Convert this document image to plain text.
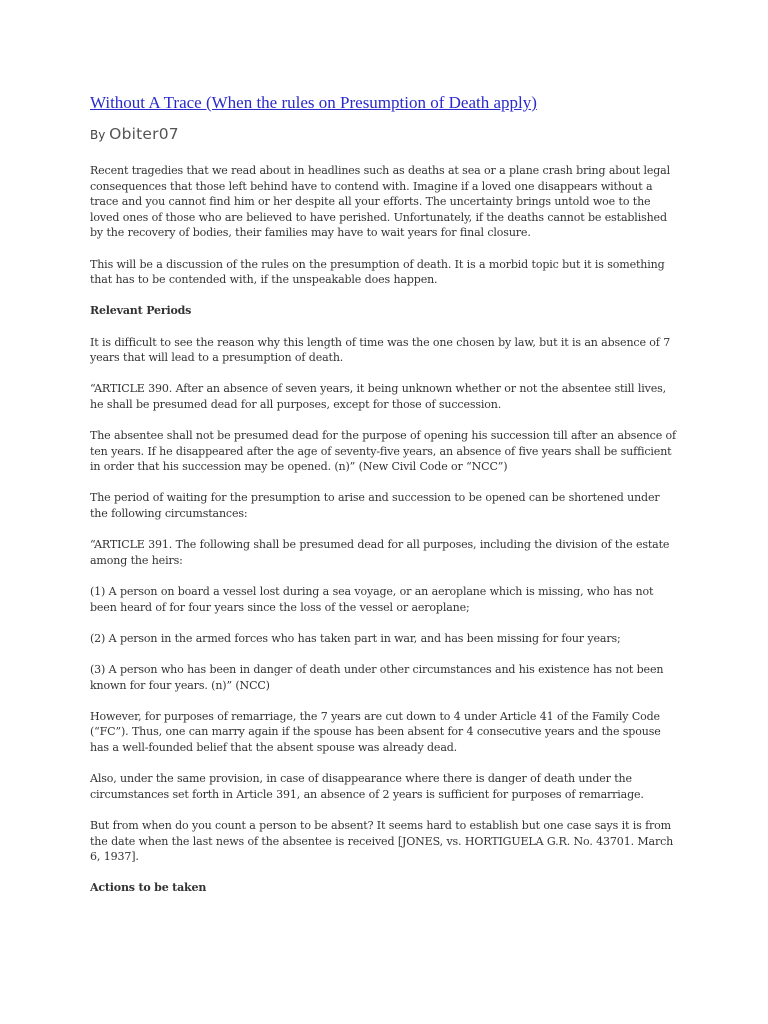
Without A Trace (When the rules on Presumption of Death apply)
By Obiter07

Recent tragedies that we read about in headlines such as deaths at sea or a plane crash bring about legal consequences that those left behind have to contend with. Imagine if a loved one disappears without a trace and you cannot find him or her despite all your efforts. The uncertainty brings untold woe to the loved ones of those who are believed to have perished. Unfortunately, if the deaths cannot be established by the recovery of bodies, their families may have to wait years for final closure.

This will be a discussion of the rules on the presumption of death. It is a morbid topic but it is something that has to be contended with, if the unspeakable does happen.

Relevant Periods

It is difficult to see the reason why this length of time was the one chosen by law, but it is an absence of 7 years that will lead to a presumption of death.

“ARTICLE 390. After an absence of seven years, it being unknown whether or not the absentee still lives, he shall be presumed dead for all purposes, except for those of succession.

The absentee shall not be presumed dead for the purpose of opening his succession till after an absence of ten years. If he disappeared after the age of seventy-five years, an absence of five years shall be sufficient in order that his succession may be opened. (n)” (New Civil Code or “NCC”)

The period of waiting for the presumption to arise and succession to be opened can be shortened under the following circumstances:

“ARTICLE 391. The following shall be presumed dead for all purposes, including the division of the estate among the heirs:

(1) A person on board a vessel lost during a sea voyage, or an aeroplane which is missing, who has not been heard of for four years since the loss of the vessel or aeroplane;

(2) A person in the armed forces who has taken part in war, and has been missing for four years;

(3) A person who has been in danger of death under other circumstances and his existence has not been known for four years. (n)” (NCC)

However, for purposes of remarriage, the 7 years are cut down to 4 under Article 41 of the Family Code (“FC”). Thus, one can marry again if the spouse has been absent for 4 consecutive years and the spouse has a well-founded belief that the absent spouse was already dead.

Also, under the same provision, in case of disappearance where there is danger of death under the circumstances set forth in Article 391, an absence of 2 years is sufficient for purposes of remarriage.

But from when do you count a person to be absent? It seems hard to establish but one case says it is from the date when the last news of the absentee is received [JONES, vs. HORTIGUELA G.R. No. 43701. March 6, 1937].

Actions to be taken
